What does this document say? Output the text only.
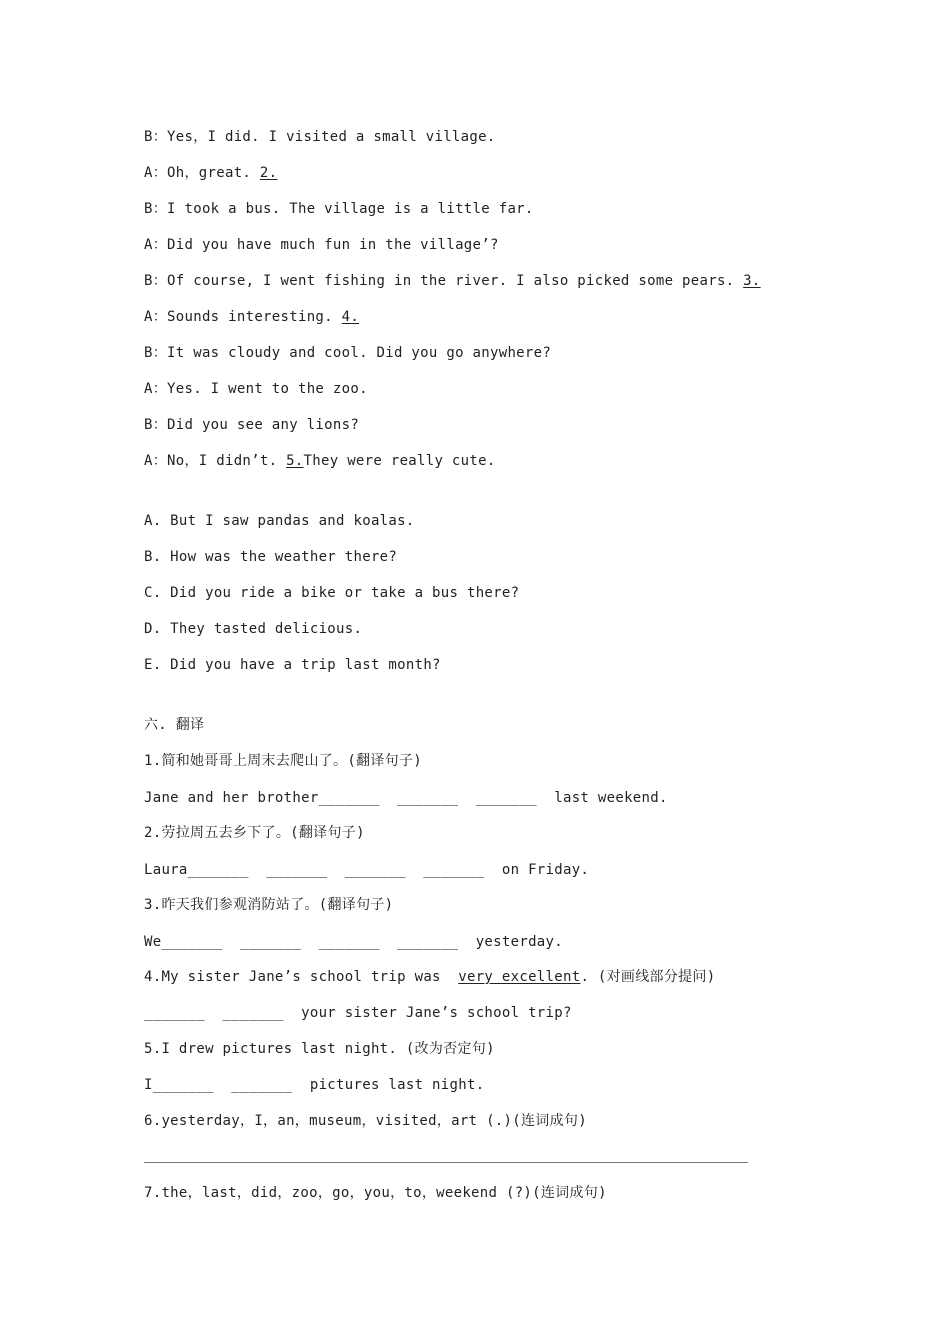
B：Yes，I did. I visited a small village.
A：Oh，great. 2.
B：I took a bus. The village is a little far.
A：Did you have much fun in the village’?
B：Of course, I went fishing in the river. I also picked some pears. 3.
A：Sounds interesting. 4.
B：It was cloudy and cool. Did you go anywhere?
A：Yes. I went to the zoo.
B：Did you see any lions?
A：No，I didn’t. 5.They were really cute.
A. But I saw pandas and koalas.
B. How was the weather there?
C. Did you ride a bike or take a bus there?
D. They tasted delicious.
E. Did you have a trip last month?
六. 翻译
1.简和她哥哥上周末去爬山了。(翻译句子)
Jane and her brother_______  _______  _______  last weekend.
2.劳拉周五去乡下了。(翻译句子)
Laura_______  _______  _______  _______  on Friday.
3.昨天我们参观消防站了。(翻译句子)
We_______  _______  _______  _______  yesterday.
4.My sister Jane’s school trip was  very excellent. (对画线部分提问)
_______  _______  your sister Jane’s school trip?
5.I drew pictures last night. (改为否定句)
I_______  _______  pictures last night.
6.yesterday，I，an，museum，visited，art (.)(连词成句)
7.the，last，did，zoo，go，you，to，weekend (?)(连词成句)
